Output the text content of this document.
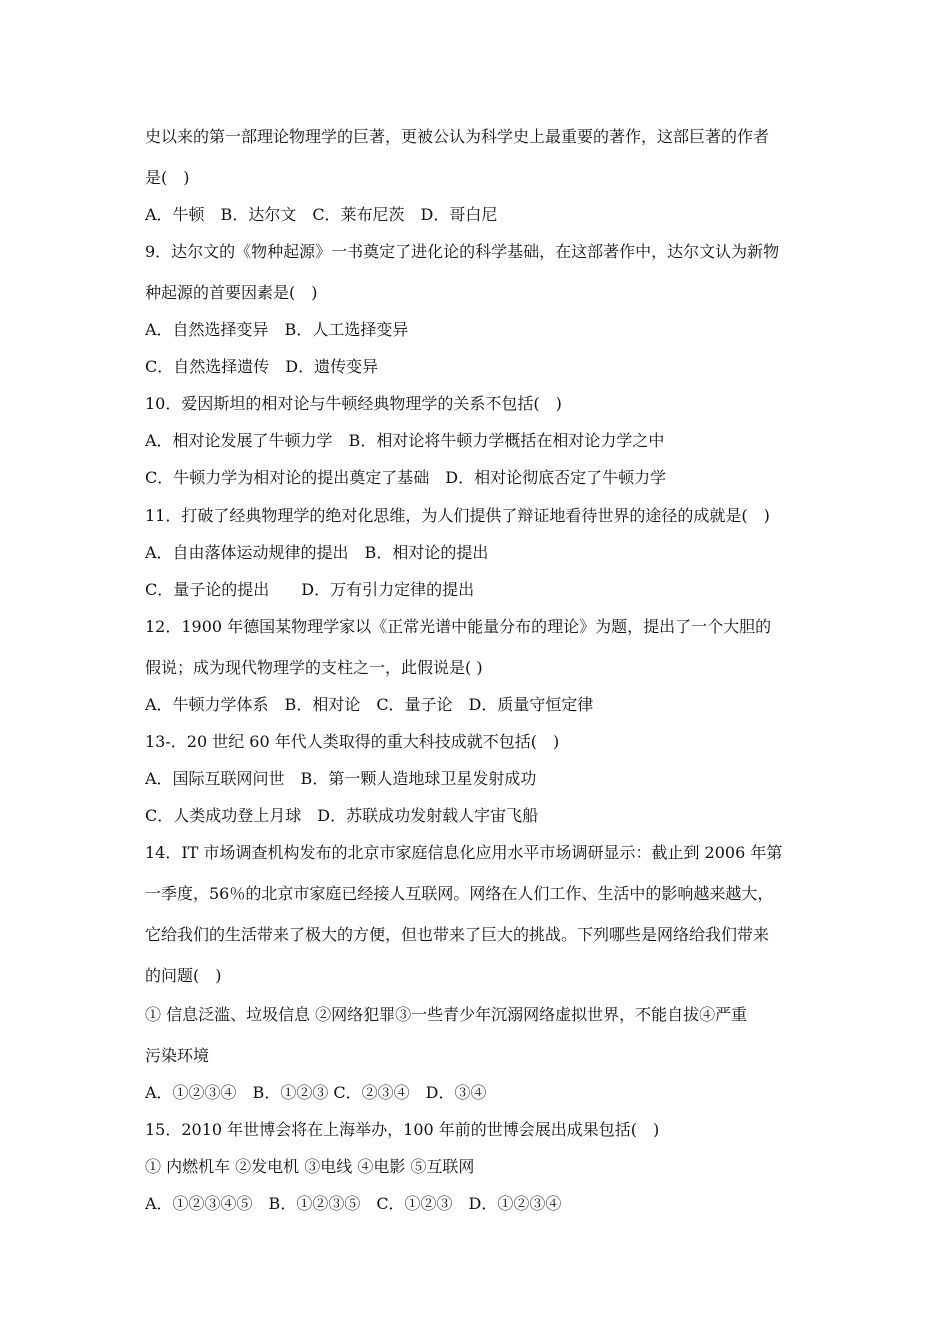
史以来的第一部理论物理学的巨著，更被公认为科学史上最重要的著作，这部巨著的作者
是(　)
A．牛顿　B．达尔文　C．莱布尼茨　D．哥白尼
9．达尔文的《物种起源》一书奠定了进化论的科学基础，在这部著作中，达尔文认为新物
种起源的首要因素是(　)
A．自然选择变异　B．人工选择变异
C．自然选择遗传　D．遗传变异
10．爱因斯坦的相对论与牛顿经典物理学的关系不包括(　)
A．相对论发展了牛顿力学　B．相对论将牛顿力学概括在相对论力学之中
C．牛顿力学为相对论的提出奠定了基础　D．相对论彻底否定了牛顿力学
11．打破了经典物理学的绝对化思维，为人们提供了辩证地看待世界的途径的成就是(　)
A．自由落体运动规律的提出　B．相对论的提出
C．量子论的提出　　D．万有引力定律的提出
12．1900 年德国某物理学家以《正常光谱中能量分布的理论》为题，提出了一个大胆的
假说；成为现代物理学的支柱之一，此假说是( )
A．牛顿力学体系　B．相对论　C．量子论　D．质量守恒定律
13-．20 世纪 60 年代人类取得的重大科技成就不包括(　)
A．国际互联网问世　B．第一颗人造地球卫星发射成功
C．人类成功登上月球　D．苏联成功发射载人宇宙飞船
14．IT 市场调查机构发布的北京市家庭信息化应用水平市场调研显示：截止到 2006 年第
一季度，56％的北京市家庭已经接人互联网。网络在人们工作、生活中的影响越来越大，
它给我们的生活带来了极大的方便，但也带来了巨大的挑战。下列哪些是网络给我们带来
的问题(　)
① 信息泛滥、垃圾信息 ②网络犯罪③一些青少年沉溺网络虚拟世界，不能自拔④严重
污染环境
A．①②③④　B．①②③ C．②③④　D．③④
15．2010 年世博会将在上海举办，100 年前的世博会展出成果包括(　)
① 内燃机车 ②发电机 ③电线 ④电影 ⑤互联网
A．①②③④⑤　B．①②③⑤　C．①②③　D．①②③④
